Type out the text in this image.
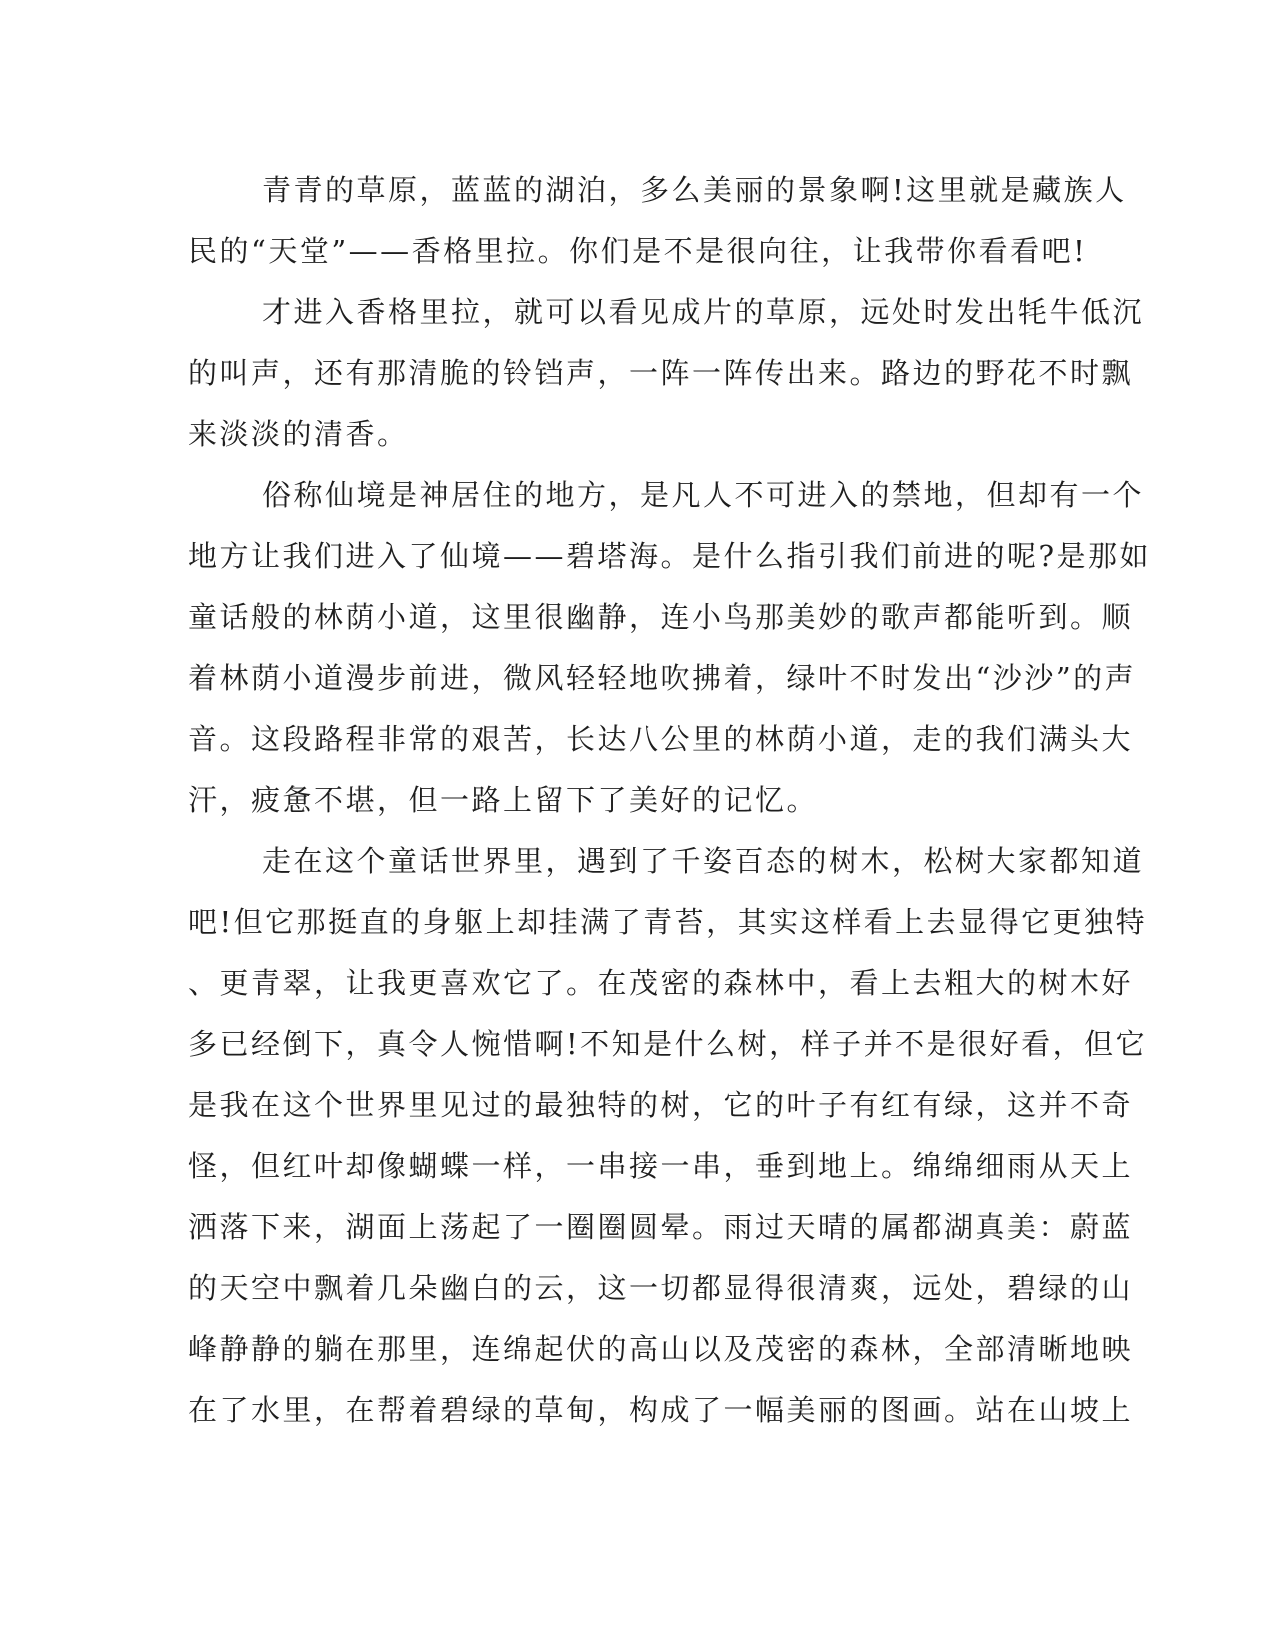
青青的草原，蓝蓝的湖泊，多么美丽的景象啊!这里就是藏族人
民的“天堂”——香格里拉。你们是不是很向往，让我带你看看吧!
才进入香格里拉，就可以看见成片的草原，远处时发出牦牛低沉
的叫声，还有那清脆的铃铛声，一阵一阵传出来。路边的野花不时飘
来淡淡的清香。
俗称仙境是神居住的地方，是凡人不可进入的禁地，但却有一个
地方让我们进入了仙境——碧塔海。是什么指引我们前进的呢?是那如
童话般的林荫小道，这里很幽静，连小鸟那美妙的歌声都能听到。顺
着林荫小道漫步前进，微风轻轻地吹拂着，绿叶不时发出“沙沙”的声
音。这段路程非常的艰苦，长达八公里的林荫小道，走的我们满头大
汗，疲惫不堪，但一路上留下了美好的记忆。
走在这个童话世界里，遇到了千姿百态的树木，松树大家都知道
吧!但它那挺直的身躯上却挂满了青苔，其实这样看上去显得它更独特
、更青翠，让我更喜欢它了。在茂密的森林中，看上去粗大的树木好
多已经倒下，真令人惋惜啊!不知是什么树，样子并不是很好看，但它
是我在这个世界里见过的最独特的树，它的叶子有红有绿，这并不奇
怪，但红叶却像蝴蝶一样，一串接一串，垂到地上。绵绵细雨从天上
洒落下来，湖面上荡起了一圈圈圆晕。雨过天晴的属都湖真美：蔚蓝
的天空中飘着几朵幽白的云，这一切都显得很清爽，远处，碧绿的山
峰静静的躺在那里，连绵起伏的高山以及茂密的森林，全部清晰地映
在了水里，在帮着碧绿的草甸，构成了一幅美丽的图画。站在山坡上
